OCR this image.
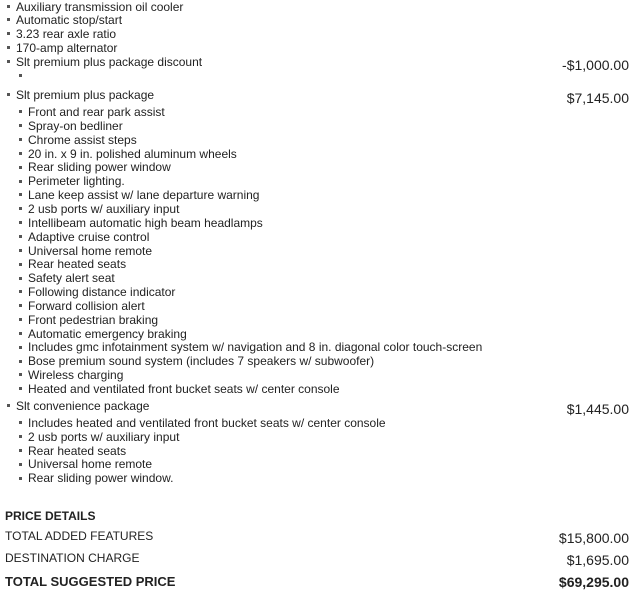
Auxiliary transmission oil cooler
Automatic stop/start
3.23 rear axle ratio
170-amp alternator
Slt premium plus package discount	-$1,000.00
Slt premium plus package	$7,145.00
Front and rear park assist
Spray-on bedliner
Chrome assist steps
20 in. x 9 in. polished aluminum wheels
Rear sliding power window
Perimeter lighting.
Lane keep assist w/ lane departure warning
2 usb ports w/ auxiliary input
Intellibeam automatic high beam headlamps
Adaptive cruise control
Universal home remote
Rear heated seats
Safety alert seat
Following distance indicator
Forward collision alert
Front pedestrian braking
Automatic emergency braking
Includes gmc infotainment system w/ navigation and 8 in. diagonal color touch-screen
Bose premium sound system (includes 7 speakers w/ subwoofer)
Wireless charging
Heated and ventilated front bucket seats w/ center console
Slt convenience package	$1,445.00
Includes heated and ventilated front bucket seats w/ center console
2 usb ports w/ auxiliary input
Rear heated seats
Universal home remote
Rear sliding power window.
PRICE DETAILS
TOTAL ADDED FEATURES	$15,800.00
DESTINATION CHARGE	$1,695.00
TOTAL SUGGESTED PRICE	$69,295.00
